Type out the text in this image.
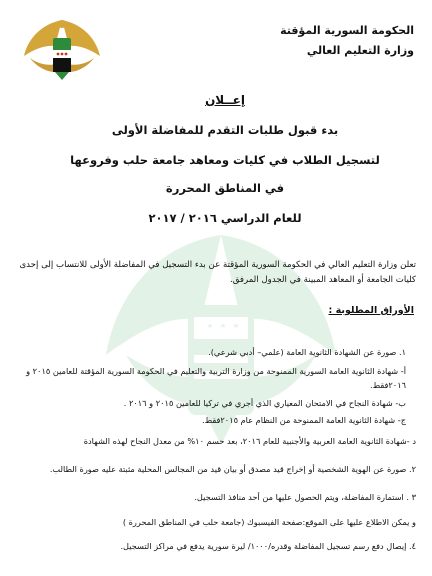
الحكومة السورية المؤقتة
وزارة التعليم العالي
إعــلان
بدء قبول طلبات التقدم للمفاضلة الأولى
لتسجيل الطلاب في كليات ومعاهد جامعة حلب وفروعها
في المناطق المحررة
للعام الدراسي ٢٠١٦ / ٢٠١٧
تعلن وزارة التعليم العالي في الحكومة السورية المؤقتة عن بدء التسجيل في المفاضلة الأولى للانتساب إلى إحدى كليات الجامعة أو المعاهد المبينة في الجدول المرفق.
الأوراق المطلوبة :
١. صورة عن الشهادة الثانوية العامة (علمي– أدبي شرعي).
أ- شهادة الثانوية العامة السورية الممنوحة من وزارة التربية والتعليم في الحكومة السورية المؤقتة للعامين ٢٠١٥ و ٢٠١٦فقط.
ب- شهادة النجاح في الامتحان المعياري الذي أجري في تركيا للعامين ٢٠١٥ و ٢٠١٦ .
ج- شهادة الثانوية العامة الممنوحة من النظام عام ٢٠١٥فقط.
د -شهادة الثانوية العامة العربية والأجنبية للعام ٢٠١٦، بعد حسم ١٠% من معدل النجاح لهذه الشهادة
٢. صورة عن الهوية الشخصية أو إخراج قيد مصدق أو بيان قيد من المجالس المحلية مثبتة عليه صورة الطالب.
٣ . استمارة المفاضلة، ويتم الحصول عليها من أحد منافذ التسجيل.
و يمكن الاطلاع عليها على الموقع:صفحة الفيسبوك (جامعة حلب في المناطق المحررة )
٤. إيصال دفع رسم تسجيل المفاضلة وقدره/١٠٠٠/ ليرة سورية يدفع في مراكز التسجيل.
